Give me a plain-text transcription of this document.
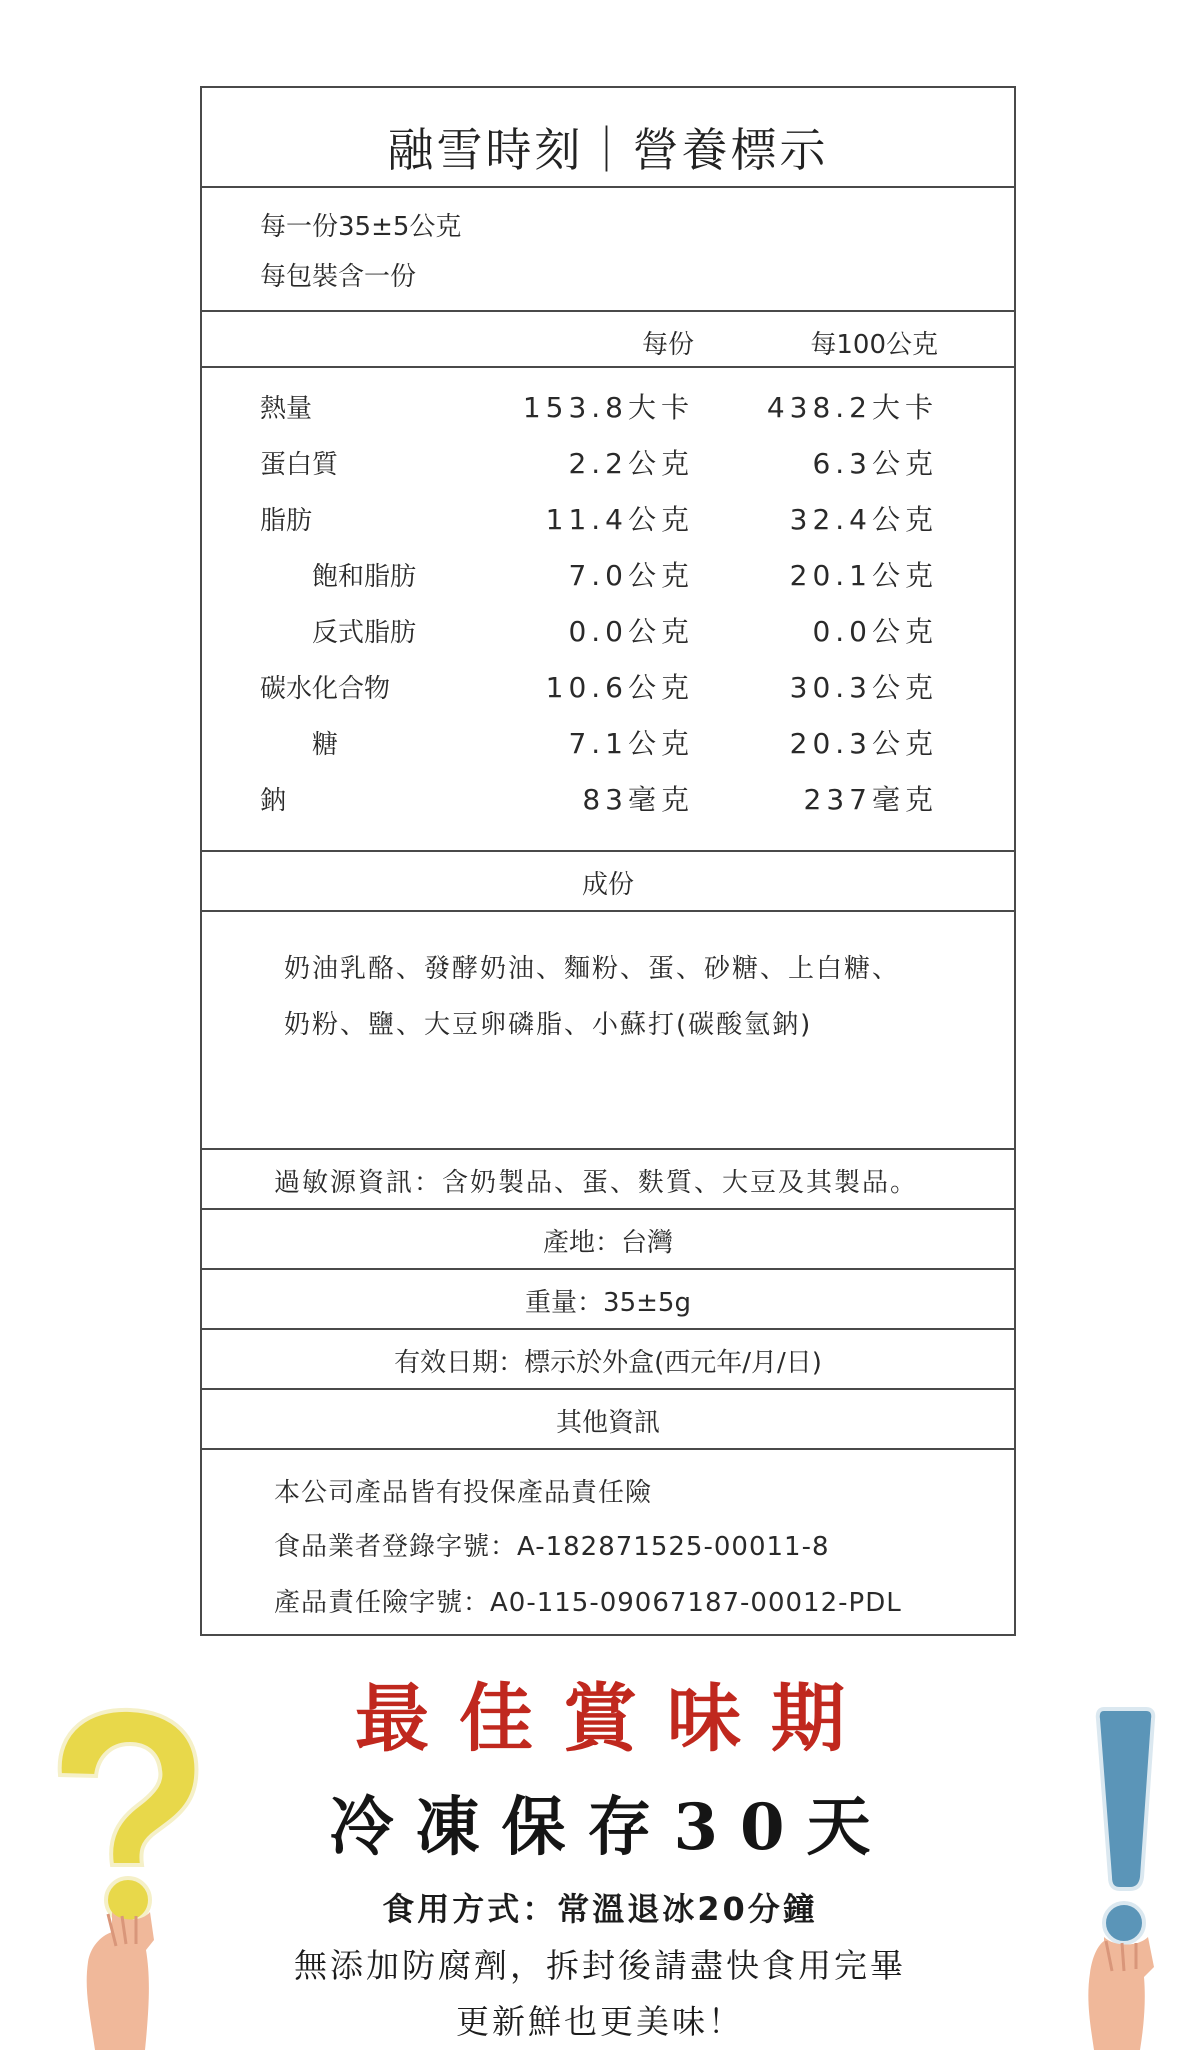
融雪時刻｜營養標示
每一份35±5公克
每包裝含一份
每份	每100公克
熱量	153.8大卡	438.2大卡
蛋白質	2.2公克	6.3公克
脂肪	11.4公克	32.4公克
飽和脂肪	7.0公克	20.1公克
反式脂肪	0.0公克	0.0公克
碳水化合物	10.6公克	30.3公克
糖	7.1公克	20.3公克
鈉	83毫克	237毫克
成份
奶油乳酪、發酵奶油、麵粉、蛋、砂糖、上白糖、
奶粉、鹽、大豆卵磷脂、小蘇打(碳酸氫鈉)
過敏源資訊：含奶製品、蛋、麩質、大豆及其製品。
產地：台灣
重量：35±5g
有效日期：標示於外盒(西元年/月/日)
其他資訊
本公司產品皆有投保產品責任險
食品業者登錄字號：A-182871525-00011-8
產品責任險字號：A0-115-09067187-00012-PDL
最佳賞味期
冷凍保存30天
食用方式：常溫退冰20分鐘
無添加防腐劑，拆封後請盡快食用完畢
更新鮮也更美味！
